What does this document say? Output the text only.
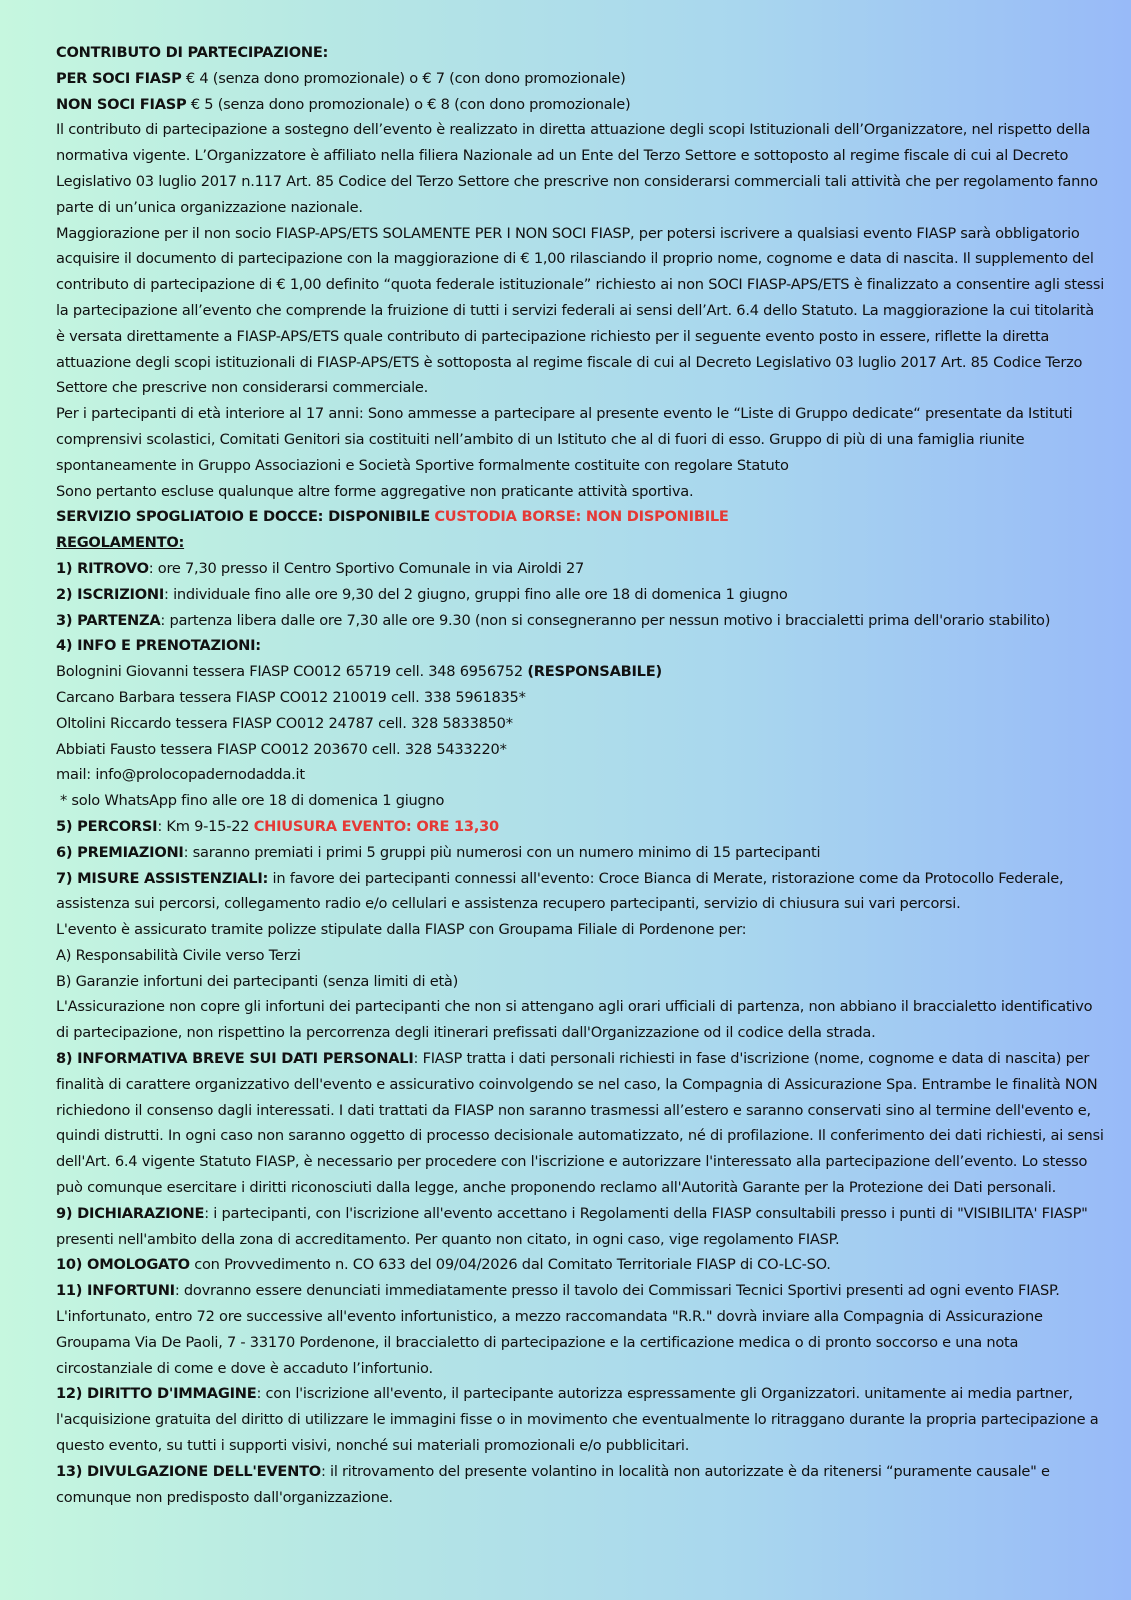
CONTRIBUTO DI PARTECIPAZIONE:

PER SOCI FIASP € 4 (senza dono promozionale) o € 7 (con dono promozionale)

NON SOCI FIASP € 5 (senza dono promozionale) o € 8 (con dono promozionale)

Il contributo di partecipazione a sostegno dell’evento è realizzato in diretta attuazione degli scopi Istituzionali dell’Organizzatore, nel rispetto della normativa vigente. L’Organizzatore è affiliato nella filiera Nazionale ad un Ente del Terzo Settore e sottoposto al regime fiscale di cui al Decreto Legislativo 03 luglio 2017 n.117 Art. 85 Codice del Terzo Settore che prescrive non considerarsi commerciali tali attività che per regolamento fanno parte di un’unica organizzazione nazionale.

Maggiorazione per il non socio FIASP-APS/ETS SOLAMENTE PER I NON SOCI FIASP, per potersi iscrivere a qualsiasi evento FIASP sarà obbligatorio acquisire il documento di partecipazione con la maggiorazione di € 1,00 rilasciando il proprio nome, cognome e data di nascita. Il supplemento del contributo di partecipazione di € 1,00 definito “quota federale istituzionale” richiesto ai non SOCI FIASP-APS/ETS è finalizzato a consentire agli stessi la partecipazione all’evento che comprende la fruizione di tutti i servizi federali ai sensi dell’Art. 6.4 dello Statuto. La maggiorazione la cui titolarità è versata direttamente a FIASP-APS/ETS quale contributo di partecipazione richiesto per il seguente evento posto in essere, riflette la diretta attuazione degli scopi istituzionali di FIASP-APS/ETS è sottoposta al regime fiscale di cui al Decreto Legislativo 03 luglio 2017 Art. 85 Codice Terzo Settore che prescrive non considerarsi commerciale.

Per i partecipanti di età interiore al 17 anni: Sono ammesse a partecipare al presente evento le “Liste di Gruppo dedicate“ presentate da Istituti comprensivi scolastici, Comitati Genitori sia costituiti nell’ambito di un Istituto che al di fuori di esso. Gruppo di più di una famiglia riunite spontaneamente in Gruppo Associazioni e Società Sportive formalmente costituite con regolare Statuto

Sono pertanto escluse qualunque altre forme aggregative non praticante attività sportiva.

SERVIZIO SPOGLIATOIO E DOCCE: DISPONIBILE CUSTODIA BORSE: NON DISPONIBILE

REGOLAMENTO:

1) RITROVO: ore 7,30 presso il Centro Sportivo Comunale in via Airoldi 27

2) ISCRIZIONI: individuale fino alle ore 9,30 del 2 giugno, gruppi fino alle ore 18 di domenica 1 giugno

3) PARTENZA: partenza libera dalle ore 7,30 alle ore 9.30 (non si consegneranno per nessun motivo i braccialetti prima dell'orario stabilito)

4) INFO E PRENOTAZIONI:

Bolognini Giovanni tessera FIASP CO012 65719 cell. 348 6956752 (RESPONSABILE)

Carcano Barbara tessera FIASP CO012 210019 cell. 338 5961835*

Oltolini Riccardo tessera FIASP CO012 24787 cell. 328 5833850*

Abbiati Fausto tessera FIASP CO012 203670 cell. 328 5433220*

mail: info@prolocopadernodadda.it

* solo WhatsApp fino alle ore 18 di domenica 1 giugno

5) PERCORSI: Km 9-15-22 CHIUSURA EVENTO: ORE 13,30

6) PREMIAZIONI: saranno premiati i primi 5 gruppi più numerosi con un numero minimo di 15 partecipanti

7) MISURE ASSISTENZIALI: in favore dei partecipanti connessi all'evento: Croce Bianca di Merate, ristorazione come da Protocollo Federale, assistenza sui percorsi, collegamento radio e/o cellulari e assistenza recupero partecipanti, servizio di chiusura sui vari percorsi.

L'evento è assicurato tramite polizze stipulate dalla FIASP con Groupama Filiale di Pordenone per:

A) Responsabilità Civile verso Terzi

B) Garanzie infortuni dei partecipanti (senza limiti di età)

L'Assicurazione non copre gli infortuni dei partecipanti che non si attengano agli orari ufficiali di partenza, non abbiano il braccialetto identificativo di partecipazione, non rispettino la percorrenza degli itinerari prefissati dall'Organizzazione od il codice della strada.

8) INFORMATIVA BREVE SUI DATI PERSONALI: FIASP tratta i dati personali richiesti in fase d'iscrizione (nome, cognome e data di nascita) per finalità di carattere organizzativo dell'evento e assicurativo coinvolgendo se nel caso, la Compagnia di Assicurazione Spa. Entrambe le finalità NON richiedono il consenso dagli interessati. I dati trattati da FIASP non saranno trasmessi all’estero e saranno conservati sino al termine dell'evento e, quindi distrutti. In ogni caso non saranno oggetto di processo decisionale automatizzato, né di profilazione. Il conferimento dei dati richiesti, ai sensi dell'Art. 6.4 vigente Statuto FIASP, è necessario per procedere con l'iscrizione e autorizzare l'interessato alla partecipazione dell’evento. Lo stesso può comunque esercitare i diritti riconosciuti dalla legge, anche proponendo reclamo all'Autorità Garante per la Protezione dei Dati personali.

9) DICHIARAZIONE: i partecipanti, con l'iscrizione all'evento accettano i Regolamenti della FIASP consultabili presso i punti di "VISIBILITA' FIASP" presenti nell'ambito della zona di accreditamento. Per quanto non citato, in ogni caso, vige regolamento FIASP.

10) OMOLOGATO con Provvedimento n. CO 633 del 09/04/2026 dal Comitato Territoriale FIASP di CO-LC-SO.

11) INFORTUNI: dovranno essere denunciati immediatamente presso il tavolo dei Commissari Tecnici Sportivi presenti ad ogni evento FIASP. L'infortunato, entro 72 ore successive all'evento infortunistico, a mezzo raccomandata "R.R." dovrà inviare alla Compagnia di Assicurazione Groupama Via De Paoli, 7 - 33170 Pordenone, il braccialetto di partecipazione e la certificazione medica o di pronto soccorso e una nota circostanziale di come e dove è accaduto l’infortunio.

12) DIRITTO D'IMMAGINE: con l'iscrizione all'evento, il partecipante autorizza espressamente gli Organizzatori. unitamente ai media partner, l'acquisizione gratuita del diritto di utilizzare le immagini fisse o in movimento che eventualmente lo ritraggano durante la propria partecipazione a questo evento, su tutti i supporti visivi, nonché sui materiali promozionali e/o pubblicitari.

13) DIVULGAZIONE DELL'EVENTO: il ritrovamento del presente volantino in località non autorizzate è da ritenersi “puramente causale" e comunque non predisposto dall'organizzazione.
